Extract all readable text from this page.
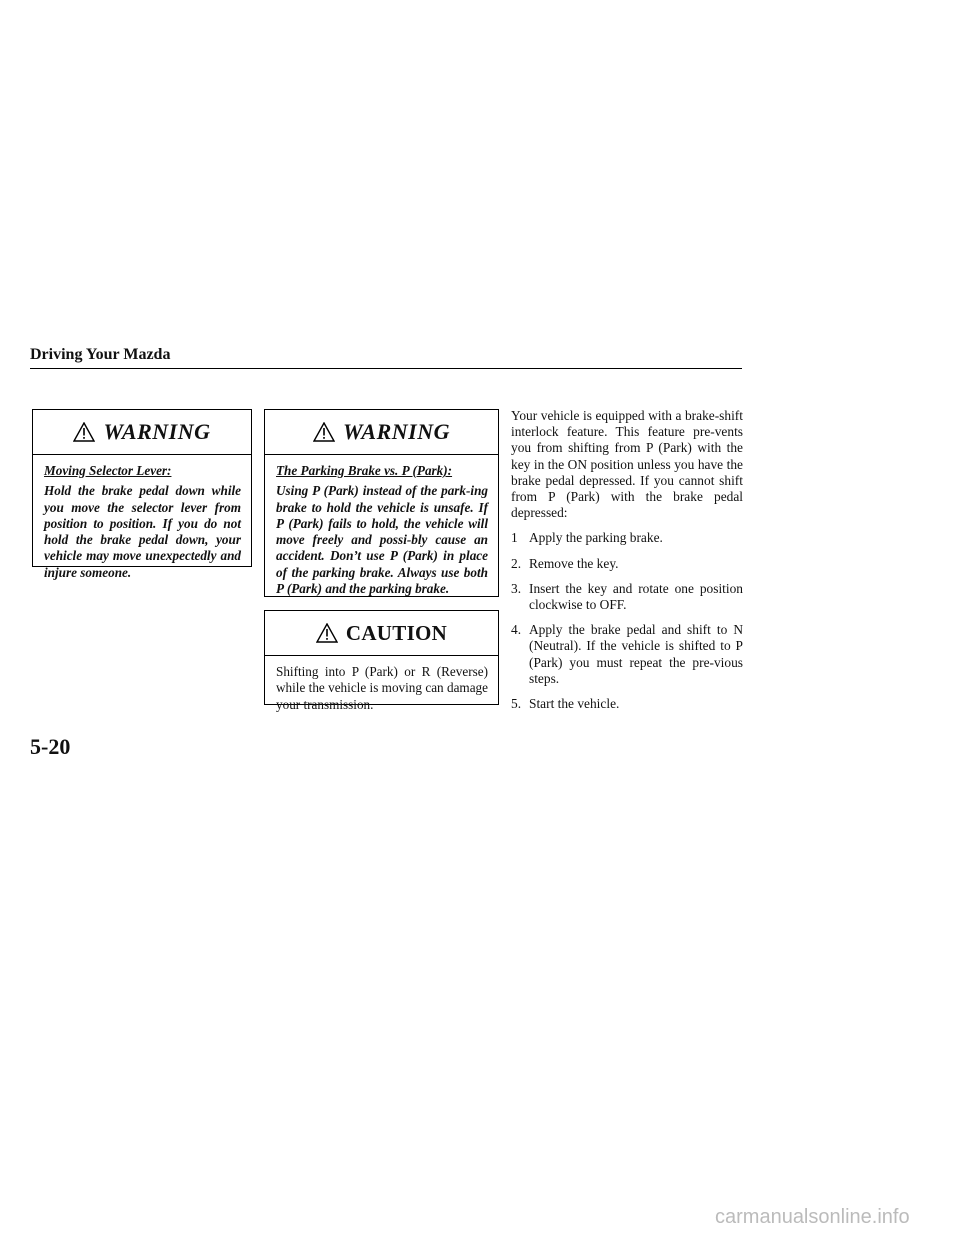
Driving Your Mazda
WARNING
Moving Selector Lever:
Hold the brake pedal down while you move the selector lever from position to position. If you do not hold the brake pedal down, your vehicle may move unexpectedly and injure someone.
WARNING
The Parking Brake vs. P (Park):
Using P (Park) instead of the park-ing brake to hold the vehicle is unsafe. If P (Park) fails to hold, the vehicle will move freely and possi-bly cause an accident. Don’t use P (Park) in place of the parking brake. Always use both P (Park) and the parking brake.
CAUTION
Shifting into P (Park) or R (Reverse) while the vehicle is moving can damage your transmission.

Your vehicle is equipped with a brake-shift interlock feature. This feature pre-vents you from shifting from P (Park) with the key in the ON position unless you have the brake pedal depressed. If you cannot shift from P (Park) with the brake pedal depressed:

1 Apply the parking brake.
2. Remove the key.
3. Insert the key and rotate one position clockwise to OFF.
4. Apply the brake pedal and shift to N (Neutral). If the vehicle is shifted to P (Park) you must repeat the pre-vious steps.
5. Start the vehicle.
5-20
carmanualsonline.info
